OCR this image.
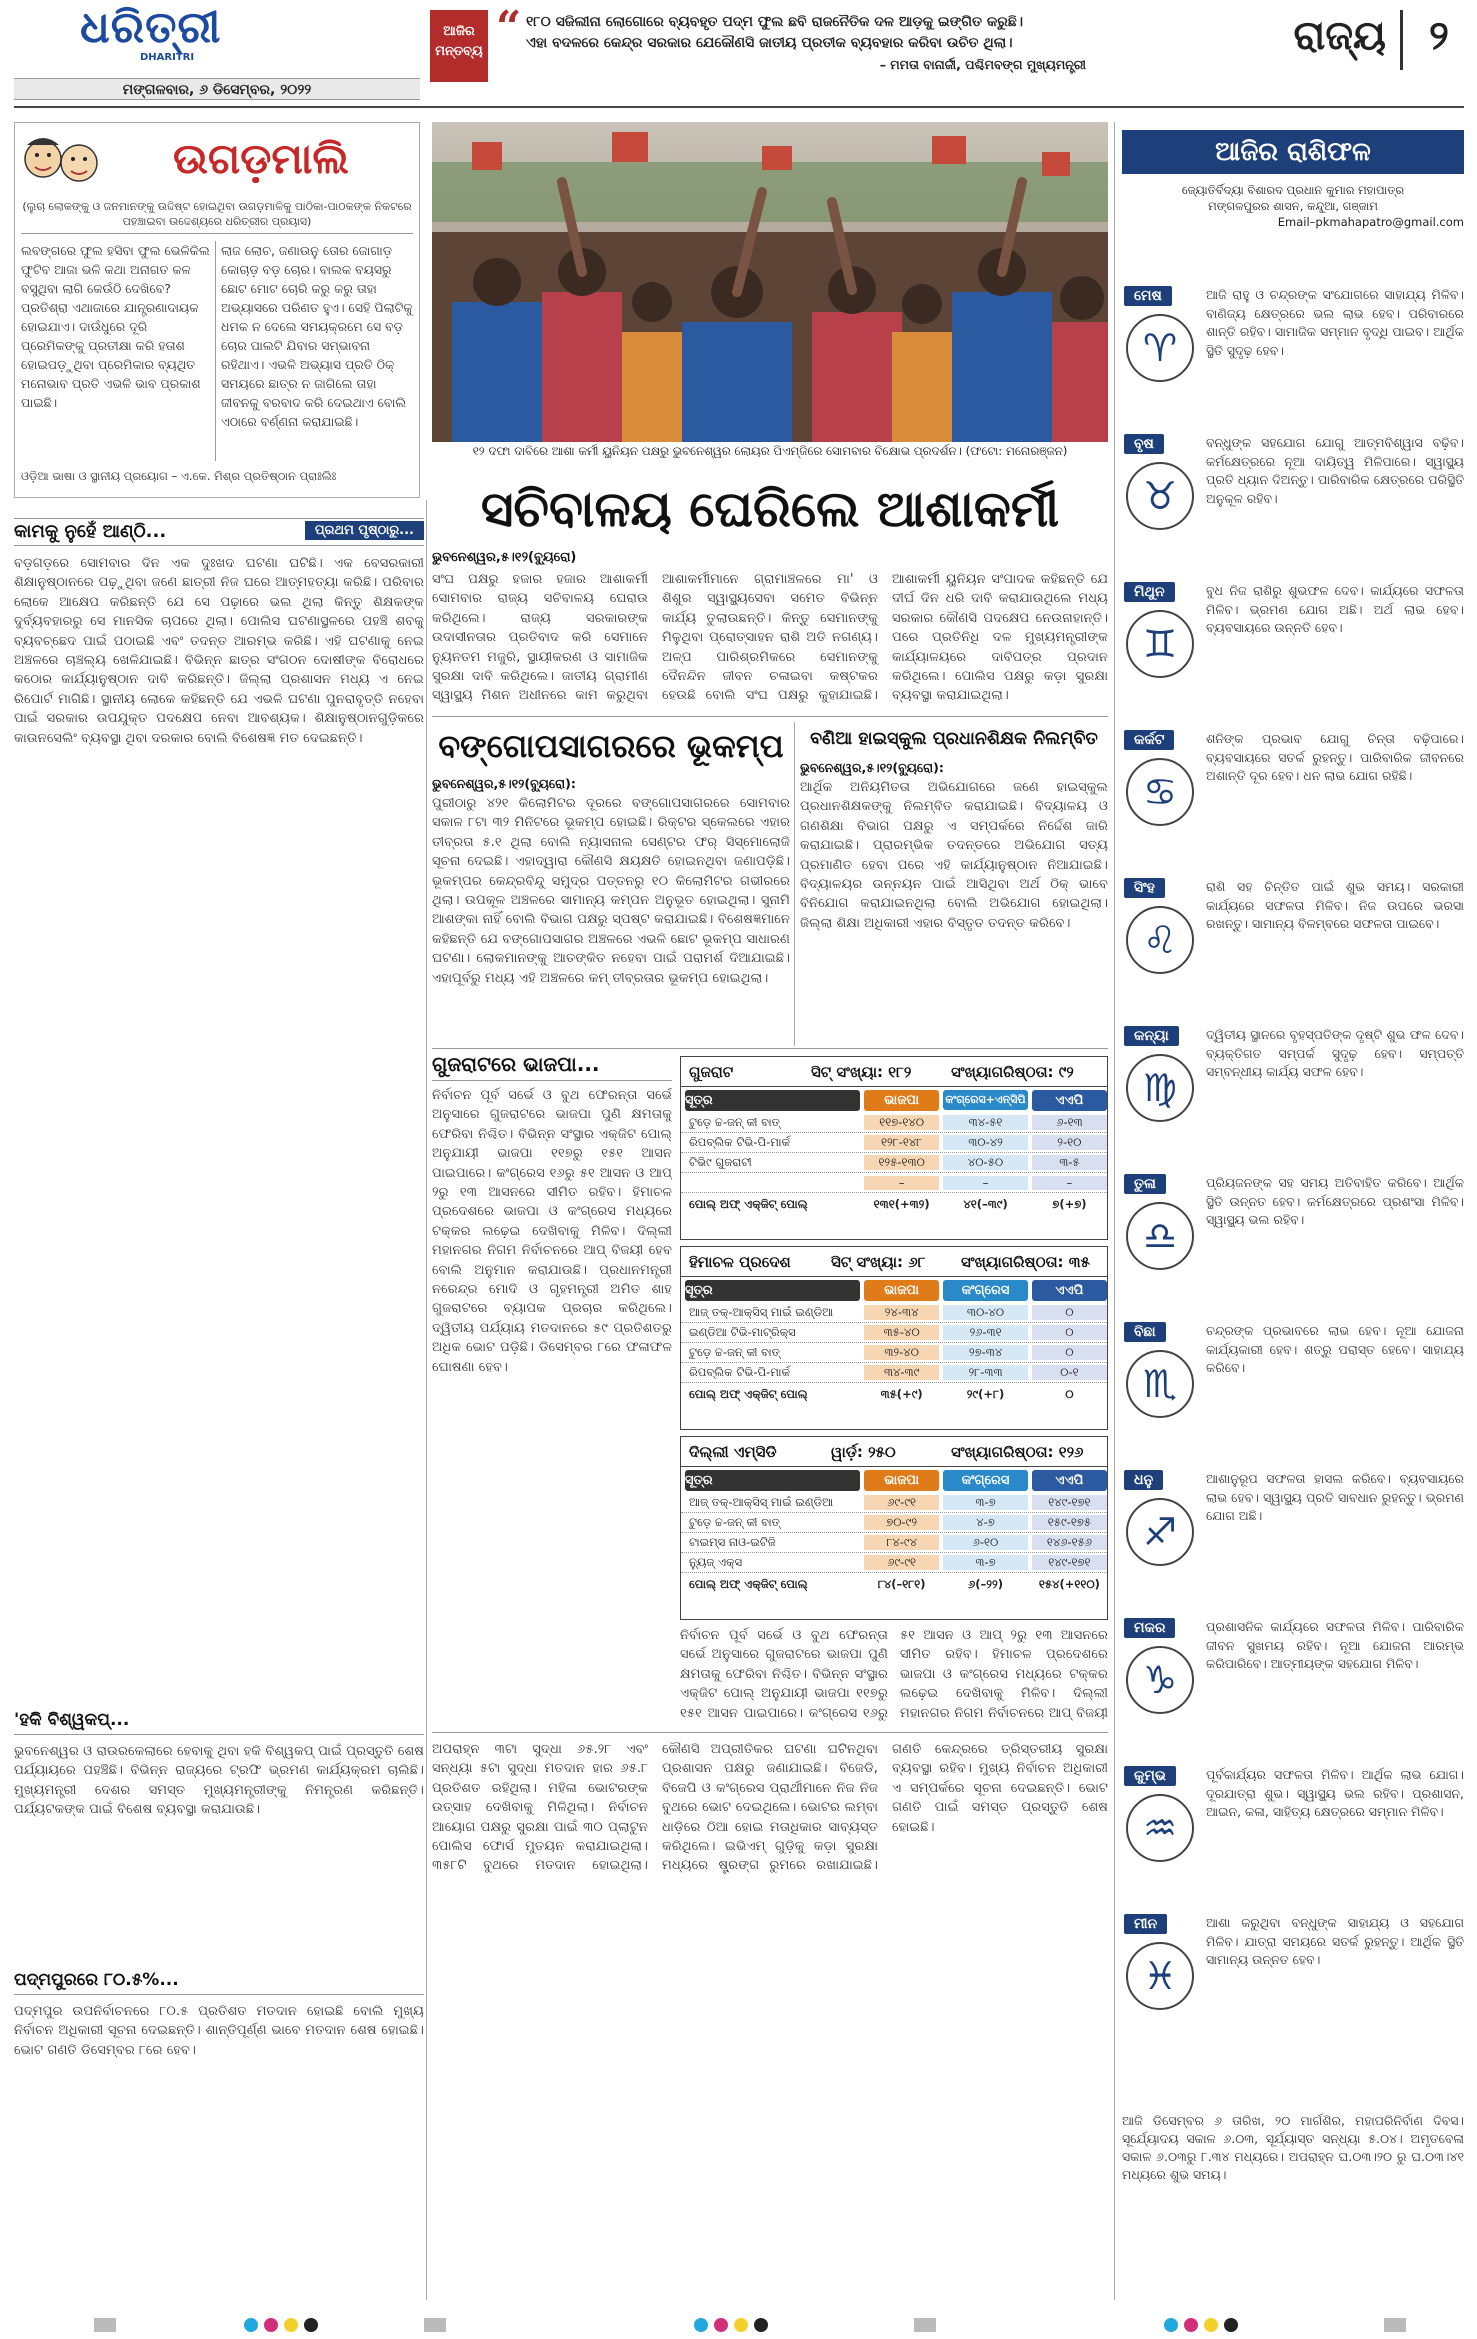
ଧରିତ୍ରୀ
DHARITRI
ମଙ୍ଗଳବାର, ୬ ଡିସେମ୍ବର, ୨୦୨୨
ଆଜିର
ମନ୍ତବ୍ୟ “ ୧୮୦ ସଜିଲୀନା ଲୋଗୋରେ ବ୍ୟବହୃତ ପଦ୍ମ ଫୁଲ ଛବି ରାଜନୈତିକ ଦଳ ଆଡ଼କୁ ଇଙ୍ଗିତ କରୁଛି।
ଏହା ବଦଳରେ କେନ୍ଦ୍ର ସରକାର ଯେକୌଣସି ଜାତୀୟ ପ୍ରତୀକ ବ୍ୟବହାର କରିବା ଉଚିତ ଥିଲା।
– ମମତା ବାନାର୍ଜୀ, ପଶ୍ଚିମବଙ୍ଗ ମୁଖ୍ୟମନ୍ତ୍ରୀ
ରାଜ୍ୟ	୨
ଉଗଡ଼ମାଲି
(ଲୁଚା ଲୋକଙ୍କୁ ଓ ଜନମାନଙ୍କୁ ଉଦ୍ଦିଷ୍ଟ ହୋଇଥିବା ଉଗଡ଼ମାଳିକୁ ପାଠିକା-ପାଠକଙ୍କ ନିକଟରେ ପହଞ୍ଚାଇବା ଉଦ୍ଦେଶ୍ୟରେ ଧରିତ୍ରୀର ପ୍ରୟାସ)
ଲବଙ୍ଗରେ ଫୁଲ ହସିବା ଫୁଲ ଭେଳିକିଲ ଫୁଟିବ ଆଜା ଭଳି କଥା ଅନାଗତ କଳ ବସୁଥିବା ଲାଗି କେଉଁଠି ଦେଖିବେ? ପ୍ରତିଶ୍ରା ଏଥାଜାରେ ଯାନ୍ତ୍ରଣାଦାୟକ ହୋଇଯାଏ। ଦାଉଁଧୁରେ ଦୂରି ପ୍ରେମିକଙ୍କୁ ପ୍ରତୀକ୍ଷା କରି ହତାଶ ହୋଇପଡ଼ୁଥିବା ପ୍ରେମିକାର ବ୍ୟଥିତ ମନୋଭାବ ପ୍ରତି ଏଭଳି ଭାବ ପ୍ରକାଶ ପାଇଛି।
ଲାଜ ଲୋଚ, ଜଣାଉନୁ ତୋର ଜୋଗାଡ଼ କୋଚାଡ଼ ବଡ଼ ଚୋର। ବାଲକ ବୟସରୁ ଛୋଟ ମୋଟ ଚୋରି କରୁ କରୁ ତାହା ଅଭ୍ୟାସରେ ପରିଣତ ହୁଏ। ସେହି ପିଲାଟିକୁ ଧମକ ନ ଦେଲେ ସମୟକ୍ରମେ ସେ ବଡ଼ ଚୋର ପାଲଟି ଯିବାର ସମ୍ଭାବନା ରହିଥାଏ। ଏଭଳି ଅଭ୍ୟାସ ପ୍ରତି ଠିକ୍ ସମୟରେ ଛାତ୍ର ନ ଜାଗିଲେ ତାହା ଜୀବନକୁ ବରବାଦ କରି ଦେଇଥାଏ ବୋଲି ଏଠାରେ ବର୍ଣ୍ଣନା କରାଯାଇଛି।
ଓଡ଼ିଆ ଭାଷା ଓ ସ୍ଥାନୀୟ ପ୍ରୟୋଗ – ଏ.କେ. ମିଶ୍ର ପ୍ରତିଷ୍ଠାନ ପ୍ରାଃଲିଃ
୧୨ ଦଫା ଦାବିରେ ଆଶା କର୍ମୀ ୟୁନିୟନ ପକ୍ଷରୁ ଭୁବନେଶ୍ୱର ଲୋୟର ପିଏମ୍‌ଜିରେ ସୋମବାର ବିକ୍ଷୋଭ ପ୍ରଦର୍ଶନ। (ଫଟୋ: ମନୋରଞ୍ଜନ)
କାମକୁ ନୁହେଁ ଆଣ୍ଠି...	ପ୍ରଥମ ପୃଷ୍ଠାରୁ...
ବଡ଼ଗଡ଼ରେ ସୋମବାର ଦିନ ଏକ ଦୁଃଖଦ ଘଟଣା ଘଟିଛି। ଏକ ବେସରକାରୀ ଶିକ୍ଷାନୁଷ୍ଠାନରେ ପଢ଼ୁଥିବା ଜଣେ ଛାତ୍ରୀ ନିଜ ଘରେ ଆତ୍ମହତ୍ୟା କରିଛି। ପରିବାର ଲୋକେ ଆକ୍ଷେପ କରିଛନ୍ତି ଯେ ସେ ପଢ଼ାରେ ଭଲ ଥିଲା କିନ୍ତୁ ଶିକ୍ଷକଙ୍କ ଦୁର୍ବ୍ୟବହାରରୁ ସେ ମାନସିକ ଚାପରେ ଥିଲା। ପୋଲିସ ଘଟଣାସ୍ଥଳରେ ପହଞ୍ଚି ଶବକୁ ବ୍ୟବଚ୍ଛେଦ ପାଇଁ ପଠାଇଛି ଏବଂ ତଦନ୍ତ ଆରମ୍ଭ କରିଛି। ଏହି ଘଟଣାକୁ ନେଇ ଅଞ୍ଚଳରେ ଚାଞ୍ଚଲ୍ୟ ଖେଳିଯାଇଛି। ବିଭିନ୍ନ ଛାତ୍ର ସଂଗଠନ ଦୋଷୀଙ୍କ ବିରୋଧରେ କଠୋର କାର୍ଯ୍ୟାନୁଷ୍ଠାନ ଦାବି କରିଛନ୍ତି। ଜିଲ୍ଲା ପ୍ରଶାସନ ମଧ୍ୟ ଏ ନେଇ ରିପୋର୍ଟ ମାଗିଛି। ସ୍ଥାନୀୟ ଲୋକେ କହିଛନ୍ତି ଯେ ଏଭଳି ଘଟଣା ପୁନରାବୃତ୍ତି ନହେବା ପାଇଁ ସରକାର ଉପଯୁକ୍ତ ପଦକ୍ଷେପ ନେବା ଆବଶ୍ୟକ। ଶିକ୍ଷାନୁଷ୍ଠାନଗୁଡ଼ିକରେ କାଉନସେଲିଂ ବ୍ୟବସ୍ଥା ଥିବା ଦରକାର ବୋଲି ବିଶେଷଜ୍ଞ ମତ ଦେଇଛନ୍ତି।
'ହକି ବିଶ୍ୱକପ୍...
ଭୁବନେଶ୍ୱର ଓ ରାଉରକେଲାରେ ହେବାକୁ ଥିବା ହକି ବିଶ୍ୱକପ୍ ପାଇଁ ପ୍ରସ୍ତୁତି ଶେଷ ପର୍ଯ୍ୟାୟରେ ପହଞ୍ଚିଛି। ବିଭିନ୍ନ ରାଜ୍ୟରେ ଟ୍ରଫି ଭ୍ରମଣ କାର୍ଯ୍ୟକ୍ରମ ଚାଲିଛି। ମୁଖ୍ୟମନ୍ତ୍ରୀ ଦେଶର ସମସ୍ତ ମୁଖ୍ୟମନ୍ତ୍ରୀଙ୍କୁ ନିମନ୍ତ୍ରଣ କରିଛନ୍ତି। ପର୍ଯ୍ୟଟକଙ୍କ ପାଇଁ ବିଶେଷ ବ୍ୟବସ୍ଥା କରାଯାଉଛି।
ପଦ୍ମପୁରରେ ୮୦.୫%...
ପଦ୍ମପୁର ଉପନିର୍ବାଚନରେ ୮୦.୫ ପ୍ରତିଶତ ମତଦାନ ହୋଇଛି ବୋଲି ମୁଖ୍ୟ ନିର୍ବାଚନ ଅଧିକାରୀ ସୂଚନା ଦେଇଛନ୍ତି। ଶାନ୍ତିପୂର୍ଣ୍ଣ ଭାବେ ମତଦାନ ଶେଷ ହୋଇଛି। ଭୋଟ ଗଣତି ଡିସେମ୍ବର ୮ରେ ହେବ।
ସଚିବାଳୟ ଘେରିଲେ ଆଶାକର୍ମୀ
ଭୁବନେଶ୍ୱର,୫।୧୨(ବ୍ୟୁରୋ)
ସଂଘ ପକ୍ଷରୁ ହଜାର ହଜାର ଆଶାକର୍ମୀ ସୋମବାର ରାଜ୍ୟ ସଚିବାଳୟ ଘେରାଉ କରିଥିଲେ। ରାଜ୍ୟ ସରକାରଙ୍କ ଉଦାସୀନତାର ପ୍ରତିବାଦ କରି ସେମାନେ ନ୍ୟୁନତମ ମଜୁରି, ସ୍ଥାୟୀକରଣ ଓ ସାମାଜିକ ସୁରକ୍ଷା ଦାବି କରିଥିଲେ। ଜାତୀୟ ଗ୍ରାମୀଣ ସ୍ୱାସ୍ଥ୍ୟ ମିଶନ ଅଧୀନରେ କାମ କରୁଥିବା ଆଶାକର୍ମୀମାନେ ଗ୍ରାମାଞ୍ଚଳରେ ମା' ଓ ଶିଶୁର ସ୍ୱାସ୍ଥ୍ୟସେବା ସମେତ ବିଭିନ୍ନ କାର୍ଯ୍ୟ ତୁଲାଉଛନ୍ତି। କିନ୍ତୁ ସେମାନଙ୍କୁ ମିଳୁଥିବା ପ୍ରୋତ୍ସାହନ ରାଶି ଅତି ନଗଣ୍ୟ। ଅଳ୍ପ ପାରିଶ୍ରମିକରେ ସେମାନଙ୍କୁ ଦୈନନ୍ଦିନ ଜୀବନ ଚଳାଇବା କଷ୍ଟକର ହେଉଛି ବୋଲି ସଂଘ ପକ୍ଷରୁ କୁହାଯାଇଛି। ଆଶାକର୍ମୀ ୟୁନିୟନ ସଂପାଦକ କହିଛନ୍ତି ଯେ ଦୀର୍ଘ ଦିନ ଧରି ଦାବି କରାଯାଉଥିଲେ ମଧ୍ୟ ସରକାର କୌଣସି ପଦକ୍ଷେପ ନେଉନାହାନ୍ତି। ପରେ ପ୍ରତିନିଧି ଦଳ ମୁଖ୍ୟମନ୍ତ୍ରୀଙ୍କ କାର୍ଯ୍ୟାଳୟରେ ଦାବିପତ୍ର ପ୍ରଦାନ କରିଥିଲେ। ପୋଲିସ ପକ୍ଷରୁ କଡ଼ା ସୁରକ୍ଷା ବ୍ୟବସ୍ଥା କରାଯାଇଥିଲା।
ବଙ୍ଗୋପସାଗରରେ ଭୂକମ୍ପ
ଭୁବନେଶ୍ୱର,୫।୧୨(ବ୍ୟୁରୋ):
ପୁରୀଠାରୁ ୪୨୧ କିଲୋମିଟର ଦୂରରେ ବଙ୍ଗୋପସାଗରରେ ସୋମବାର ସକାଳ ୮ଟା ୩୨ ମିନିଟରେ ଭୂକମ୍ପ ହୋଇଛି। ରିକ୍ଟର ସ୍କେଲରେ ଏହାର ତୀବ୍ରତା ୫.୧ ଥିଲା ବୋଲି ନ୍ୟାସନାଲ ସେଣ୍ଟର ଫର୍ ସିସ୍‌ମୋଲୋଜି ସୂଚନା ଦେଇଛି। ଏହାଦ୍ୱାରା କୌଣସି କ୍ଷୟକ୍ଷତି ହୋଇନଥିବା ଜଣାପଡ଼ିଛି। ଭୂକମ୍ପର କେନ୍ଦ୍ରବିନ୍ଦୁ ସମୁଦ୍ର ପତ୍ତନରୁ ୧୦ କିଲୋମିଟର ଗଭୀରରେ ଥିଲା। ଉପକୂଳ ଅଞ୍ଚଳରେ ସାମାନ୍ୟ କମ୍ପନ ଅନୁଭୂତ ହୋଇଥିଲା। ସୁନାମି ଆଶଙ୍କା ନାହିଁ ବୋଲି ବିଭାଗ ପକ୍ଷରୁ ସ୍ପଷ୍ଟ କରାଯାଇଛି। ବିଶେଷଜ୍ଞମାନେ କହିଛନ୍ତି ଯେ ବଙ୍ଗୋପସାଗର ଅଞ୍ଚଳରେ ଏଭଳି ଛୋଟ ଭୂକମ୍ପ ସାଧାରଣ ଘଟଣା। ଲୋକମାନଙ୍କୁ ଆତଙ୍କିତ ନହେବା ପାଇଁ ପରାମର୍ଶ ଦିଆଯାଇଛି। ଏହାପୂର୍ବରୁ ମଧ୍ୟ ଏହି ଅଞ୍ଚଳରେ କମ୍ ତୀବ୍ରତାର ଭୂକମ୍ପ ହୋଇଥିଲା।
ବଣିଆ ହାଇସ୍କୁଲ ପ୍ରଧାନଶିକ୍ଷକ ନିଲମ୍ବିତ
ଭୁବନେଶ୍ୱର,୫।୧୨(ବ୍ୟୁରୋ):
ଆର୍ଥିକ ଅନିୟମିତତା ଅଭିଯୋଗରେ ଜଣେ ହାଇସ୍କୁଲ ପ୍ରଧାନଶିକ୍ଷକଙ୍କୁ ନିଲମ୍ବିତ କରାଯାଇଛି। ବିଦ୍ୟାଳୟ ଓ ଗଣଶିକ୍ଷା ବିଭାଗ ପକ୍ଷରୁ ଏ ସମ୍ପର୍କରେ ନିର୍ଦ୍ଦେଶ ଜାରି କରାଯାଇଛି। ପ୍ରାରମ୍ଭିକ ତଦନ୍ତରେ ଅଭିଯୋଗ ସତ୍ୟ ପ୍ରମାଣିତ ହେବା ପରେ ଏହି କାର୍ଯ୍ୟାନୁଷ୍ଠାନ ନିଆଯାଇଛି। ବିଦ୍ୟାଳୟର ଉନ୍ନୟନ ପାଇଁ ଆସିଥିବା ଅର୍ଥ ଠିକ୍ ଭାବେ ବିନିଯୋଗ କରାଯାଇନଥିଲା ବୋଲି ଅଭିଯୋଗ ହୋଇଥିଲା। ଜିଲ୍ଲା ଶିକ୍ଷା ଅଧିକାରୀ ଏହାର ବିସ୍ତୃତ ତଦନ୍ତ କରିବେ।
ଗୁଜରାଟରେ ଭାଜପା...
ନିର୍ବାଚନ ପୂର୍ବ ସର୍ଭେ ଓ ବୁଥ ଫେରନ୍ତା ସର୍ଭେ ଅନୁସାରେ ଗୁଜରାଟରେ ଭାଜପା ପୁଣି କ୍ଷମତାକୁ ଫେରିବା ନିଶ୍ଚିତ। ବିଭିନ୍ନ ସଂସ୍ଥାର ଏକ୍ଜିଟ ପୋଲ୍ ଅନୁଯାୟୀ ଭାଜପା ୧୧୭ରୁ ୧୫୧ ଆସନ ପାଇପାରେ। କଂଗ୍ରେସ ୧୬ରୁ ୫୧ ଆସନ ଓ ଆପ୍ ୨ରୁ ୧୩ ଆସନରେ ସୀମିତ ରହିବ। ହିମାଚଳ ପ୍ରଦେଶରେ ଭାଜପା ଓ କଂଗ୍ରେସ ମଧ୍ୟରେ ଟକ୍କର ଲଢ଼େଇ ଦେଖିବାକୁ ମିଳିବ। ଦିଲ୍ଲୀ ମହାନଗର ନିଗମ ନିର୍ବାଚନରେ ଆପ୍ ବିଜୟୀ ହେବ ବୋଲି ଅନୁମାନ କରାଯାଉଛି। ପ୍ରଧାନମନ୍ତ୍ରୀ ନରେନ୍ଦ୍ର ମୋଦି ଓ ଗୃହମନ୍ତ୍ରୀ ଅମିତ ଶାହ ଗୁଜରାଟରେ ବ୍ୟାପକ ପ୍ରଚାର କରିଥିଲେ। ଦ୍ୱିତୀୟ ପର୍ଯ୍ୟାୟ ମତଦାନରେ ୫୯ ପ୍ରତିଶତରୁ ଅଧିକ ଭୋଟ ପଡ଼ିଛି। ଡିସେମ୍ବର ୮ରେ ଫଳାଫଳ ଘୋଷଣା ହେବ।
ଗୁଜରାଟ	ସିଟ୍ ସଂଖ୍ୟା: ୧୮୨	ସଂଖ୍ୟାଗରିଷ୍ଠତା: ୯୨
ସୂତ୍ର	ଭାଜପା	କଂଗ୍ରେସ+ଏନ୍‌ସିପି	ଏଏପି
ଟୁଡ଼େ ଚ୍ଚ-ଜନ୍ କୀ ବାତ୍	୧୧୭-୧୪୦	୩୪-୫୧	୬-୧୩
ରିପବ୍ଲିକ ଟିଭି-ପି-ମାର୍କ	୧୨୮-୧୪୮	୩୦-୪୨	୨-୧୦
ଟିଭି୯ ଗୁଜରାଟୀ	୧୨୫-୧୩୦	୪୦-୫୦	୩-୫
–	–	–
ପୋଲ୍ ଅଫ୍ ଏକ୍ଜିଟ୍ ପୋଲ୍	୧୩୧(+୩୨)	୪୧(–୩୯)	୭(+୭)
ହିମାଚଳ ପ୍ରଦେଶ	ସିଟ୍ ସଂଖ୍ୟା: ୬୮	ସଂଖ୍ୟାଗରିଷ୍ଠତା: ୩୫
ସୂତ୍ର	ଭାଜପା	କଂଗ୍ରେସ	ଏଏପି
ଆଜ୍ ତକ୍-ଆକ୍ସିସ୍ ମାଇଁ ଇଣ୍ଡିଆ	୨୪-୩୪	୩୦-୪୦	୦
ଇଣ୍ଡିଆ ଟିଭି-ମାଟ୍ରିକ୍ସ	୩୫-୪୦	୨୬-୩୧	୦
ଟୁଡ଼େ ଚ୍ଚ-ଜନ୍ କୀ ବାତ୍	୩୨-୪୦	୨୭-୩୪	୦
ରିପବ୍ଲିକ ଟିଭି-ପି-ମାର୍କ	୩୪-୩୯	୨୮-୩୩	୦-୧
ପୋଲ୍ ଅଫ୍ ଏକ୍ଜିଟ୍ ପୋଲ୍	୩୫(+୯)	୨୯(+୮)	୦
ଦିଲ୍ଲୀ ଏମ୍‌ସିଡି	ୱାର୍ଡ଼: ୨୫୦	ସଂଖ୍ୟାଗରିଷ୍ଠତା: ୧୨୬
ସୂତ୍ର	ଭାଜପା	କଂଗ୍ରେସ	ଏଏପି
ଆଜ୍ ତକ୍-ଆକ୍ସିସ୍ ମାଇଁ ଇଣ୍ଡିଆ	୬୯-୯୧	୩-୭	୧୪୯-୧୭୧
ଟୁଡ଼େ ଚ୍ଚ-ଜନ୍ କୀ ବାତ୍	୭୦-୯୨	୪-୭	୧୫୯-୧୭୫
ଟାଇମ୍ସ ନାଓ-ଇଟିଜି	୮୪-୯୪	୬-୧୦	୧୪୬-୧୫୬
ନ୍ୟୁଜ୍ ଏକ୍ସ	୬୯-୯୧	୩-୭	୧୪୯-୧୭୧
ପୋଲ୍ ଅଫ୍ ଏକ୍ଜିଟ୍ ପୋଲ୍	୮୪(–୧୮୧)	୬(–୨୨)	୧୫୪(+୧୧୦)
ନିର୍ବାଚନ ପୂର୍ବ ସର୍ଭେ ଓ ବୁଥ ଫେରନ୍ତା ସର୍ଭେ ଅନୁସାରେ ଗୁଜରାଟରେ ଭାଜପା ପୁଣି କ୍ଷମତାକୁ ଫେରିବା ନିଶ୍ଚିତ। ବିଭିନ୍ନ ସଂସ୍ଥାର ଏକ୍ଜିଟ ପୋଲ୍ ଅନୁଯାୟୀ ଭାଜପା ୧୧୭ରୁ ୧୫୧ ଆସନ ପାଇପାରେ। କଂଗ୍ରେସ ୧୬ରୁ ୫୧ ଆସନ ଓ ଆପ୍ ୨ରୁ ୧୩ ଆସନରେ ସୀମିତ ରହିବ। ହିମାଚଳ ପ୍ରଦେଶରେ ଭାଜପା ଓ କଂଗ୍ରେସ ମଧ୍ୟରେ ଟକ୍କର ଲଢ଼େଇ ଦେଖିବାକୁ ମିଳିବ। ଦିଲ୍ଲୀ ମହାନଗର ନିଗମ ନିର୍ବାଚନରେ ଆପ୍ ବିଜୟୀ
ଅପରାହ୍ନ ୩ଟା ସୁଦ୍ଧା ୬୫.୨୮ ଏବଂ ସନ୍ଧ୍ୟା ୫ଟା ସୁଦ୍ଧା ମତଦାନ ହାର ୬୫.୮ ପ୍ରତିଶତ ରହିଥିଲା। ମହିଳା ଭୋଟରଙ୍କ ଉତ୍ସାହ ଦେଖିବାକୁ ମିଳିଥିଲା। ନିର୍ବାଚନ ଆୟୋଗ ପକ୍ଷରୁ ସୁରକ୍ଷା ପାଇଁ ୩୦ ପ୍ଲାଟୁନ ପୋଲିସ ଫୋର୍ସ ମୁତୟନ କରାଯାଇଥିଲା। ୩୫୮ଟି ବୁଥରେ ମତଦାନ ହୋଇଥିଲା। କୌଣସି ଅପ୍ରୀତିକର ଘଟଣା ଘଟିନଥିବା ପ୍ରଶାସନ ପକ୍ଷରୁ ଜଣାଯାଇଛି। ବିଜେଡି, ବିଜେପି ଓ କଂଗ୍ରେସ ପ୍ରାର୍ଥୀମାନେ ନିଜ ନିଜ ବୁଥରେ ଭୋଟ ଦେଇଥିଲେ। ଭୋଟର ଲମ୍ବା ଧାଡ଼ିରେ ଠିଆ ହୋଇ ମତାଧିକାର ସାବ୍ୟସ୍ତ କରିଥିଲେ। ଇଭିଏମ୍ ଗୁଡ଼ିକୁ କଡ଼ା ସୁରକ୍ଷା ମଧ୍ୟରେ ଷ୍ଟ୍ରଙ୍ଗ ରୁମରେ ରଖାଯାଇଛି। ଗଣତି କେନ୍ଦ୍ରରେ ତ୍ରିସ୍ତରୀୟ ସୁରକ୍ଷା ବ୍ୟବସ୍ଥା ରହିବ। ମୁଖ୍ୟ ନିର୍ବାଚନ ଅଧିକାରୀ ଏ ସମ୍ପର୍କରେ ସୂଚନା ଦେଇଛନ୍ତି। ଭୋଟ ଗଣତି ପାଇଁ ସମସ୍ତ ପ୍ରସ୍ତୁତି ଶେଷ ହୋଇଛି।
ଆଜିର ରାଶିଫଳ
ଜ୍ୟୋତିର୍ବିଦ୍ୟା ବିଶାରଦ ପ୍ରଧାନ କୁମାର ମହାପାତ୍ର
ମଙ୍ଗଳପୁରର ଶାସନ, କନ୍ଦୁଆ, ଗଞ୍ଜାମ
Email–pkmahapatro@gmail.com
ମେଷ
♈
ଆଜି ରାହୁ ଓ ଚନ୍ଦ୍ରଙ୍କ ସଂଯୋଗରେ ସାହାଯ୍ୟ ମିଳିବ। ବାଣିଜ୍ୟ କ୍ଷେତ୍ରରେ ଭଲ ଲାଭ ହେବ। ପରିବାରରେ ଶାନ୍ତି ରହିବ। ସାମାଜିକ ସମ୍ମାନ ବୃଦ୍ଧି ପାଇବ। ଆର୍ଥିକ ସ୍ଥିତି ସୁଦୃଢ଼ ହେବ।
ବୃଷ
♉
ବନ୍ଧୁଙ୍କ ସହଯୋଗ ଯୋଗୁ ଆତ୍ମବିଶ୍ୱାସ ବଢ଼ିବ। କର୍ମକ୍ଷେତ୍ରରେ ନୂଆ ଦାୟିତ୍ୱ ମିଳିପାରେ। ସ୍ୱାସ୍ଥ୍ୟ ପ୍ରତି ଧ୍ୟାନ ଦିଅନ୍ତୁ। ପାରିବାରିକ କ୍ଷେତ୍ରରେ ପରିସ୍ଥିତି ଅନୁକୂଳ ରହିବ।
ମିଥୁନ
♊
ବୁଧ ନିଜ ରାଶିରୁ ଶୁଭଫଳ ଦେବ। କାର୍ଯ୍ୟରେ ସଫଳତା ମିଳିବ। ଭ୍ରମଣ ଯୋଗ ଅଛି। ଅର୍ଥ ଲାଭ ହେବ। ବ୍ୟବସାୟରେ ଉନ୍ନତି ହେବ।
କର୍କଟ
♋
ଶନିଙ୍କ ପ୍ରଭାବ ଯୋଗୁ ଚିନ୍ତା ବଢ଼ିପାରେ। ବ୍ୟବସାୟରେ ସତର୍କ ରୁହନ୍ତୁ। ପାରିବାରିକ ଜୀବନରେ ଅଶାନ୍ତି ଦୂର ହେବ। ଧନ ଲାଭ ଯୋଗ ରହିଛି।
ସିଂହ
♌
ରାଶି ସହ ଚିନ୍ତିତ ପାଇଁ ଶୁଭ ସମୟ। ସରକାରୀ କାର୍ଯ୍ୟରେ ସଫଳତା ମିଳିବ। ନିଜ ଉପରେ ଭରସା ରଖନ୍ତୁ। ସାମାନ୍ୟ ବିଳମ୍ବରେ ସଫଳତା ପାଇବେ।
କନ୍ୟା
♍
ଦ୍ୱିତୀୟ ସ୍ଥାନରେ ବୃହସ୍ପତିଙ୍କ ଦୃଷ୍ଟି ଶୁଭ ଫଳ ଦେବ। ବ୍ୟକ୍ତିଗତ ସମ୍ପର୍କ ସୁଦୃଢ଼ ହେବ। ସମ୍ପତ୍ତି ସମ୍ବନ୍ଧୀୟ କାର୍ଯ୍ୟ ସଫଳ ହେବ।
ତୁଳା
♎
ପ୍ରିୟଜନଙ୍କ ସହ ସମୟ ଅତିବାହିତ କରିବେ। ଆର୍ଥିକ ସ୍ଥିତି ଉନ୍ନତ ହେବ। କର୍ମକ୍ଷେତ୍ରରେ ପ୍ରଶଂସା ମିଳିବ। ସ୍ୱାସ୍ଥ୍ୟ ଭଲ ରହିବ।
ବିଛା
♏
ଚନ୍ଦ୍ରଙ୍କ ପ୍ରଭାବରେ ଲାଭ ହେବ। ନୂଆ ଯୋଜନା କାର୍ଯ୍ୟକାରୀ ହେବ। ଶତ୍ରୁ ପରାସ୍ତ ହେବେ। ସାହାଯ୍ୟ କରିବେ।
ଧନୁ
♐
ଆଶାନୁରୂପ ସଫଳତା ହାସଲ କରିବେ। ବ୍ୟବସାୟରେ ଲାଭ ହେବ। ସ୍ୱାସ୍ଥ୍ୟ ପ୍ରତି ସାବଧାନ ରୁହନ୍ତୁ। ଭ୍ରମଣ ଯୋଗ ଅଛି।
ମକର
♑
ପ୍ରଶାସନିକ କାର୍ଯ୍ୟରେ ସଫଳତା ମିଳିବ। ପାରିବାରିକ ଜୀବନ ସୁଖମୟ ରହିବ। ନୂଆ ଯୋଜନା ଆରମ୍ଭ କରିପାରିବେ। ଆତ୍ମୀୟଙ୍କ ସହଯୋଗ ମିଳିବ।
କୁମ୍ଭ
♒
ପୂର୍ବକାର୍ଯ୍ୟର ସଫଳତା ମିଳିବ। ଆର୍ଥିକ ଲାଭ ଯୋଗ। ଦୂରଯାତ୍ରା ଶୁଭ। ସ୍ୱାସ୍ଥ୍ୟ ଭଲ ରହିବ। ପ୍ରଶାସନ, ଆଇନ, କଳା, ସାହିତ୍ୟ କ୍ଷେତ୍ରରେ ସମ୍ମାନ ମିଳିବ।
ମୀନ
♓
ଆଶା କରୁଥିବା ବନ୍ଧୁଙ୍କ ସାହାଯ୍ୟ ଓ ସହଯୋଗ ମିଳିବ। ଯାତ୍ରା ସମୟରେ ସତର୍କ ରୁହନ୍ତୁ। ଆର୍ଥିକ ସ୍ଥିତି ସାମାନ୍ୟ ଉନ୍ନତ ହେବ।
ଆଜି ଡିସେମ୍ବର ୬ ତାରିଖ, ୨୦ ମାର୍ଗଶିର, ମହାପରିନିର୍ବାଣ ଦିବସ। ସୂର୍ଯ୍ୟୋଦୟ ସକାଳ ୬.୦୩, ସୂର୍ଯ୍ୟାସ୍ତ ସନ୍ଧ୍ୟା ୫.୦୪। ଅମୃତବେଳା ସକାଳ ୬.୦୩ରୁ ୮.୩୪ ମଧ୍ୟରେ। ଅପରାହ୍ନ ଘ.୦୩।୨୦ ରୁ ଘ.୦୩।୪୧ ମଧ୍ୟରେ ଶୁଭ ସମୟ।
